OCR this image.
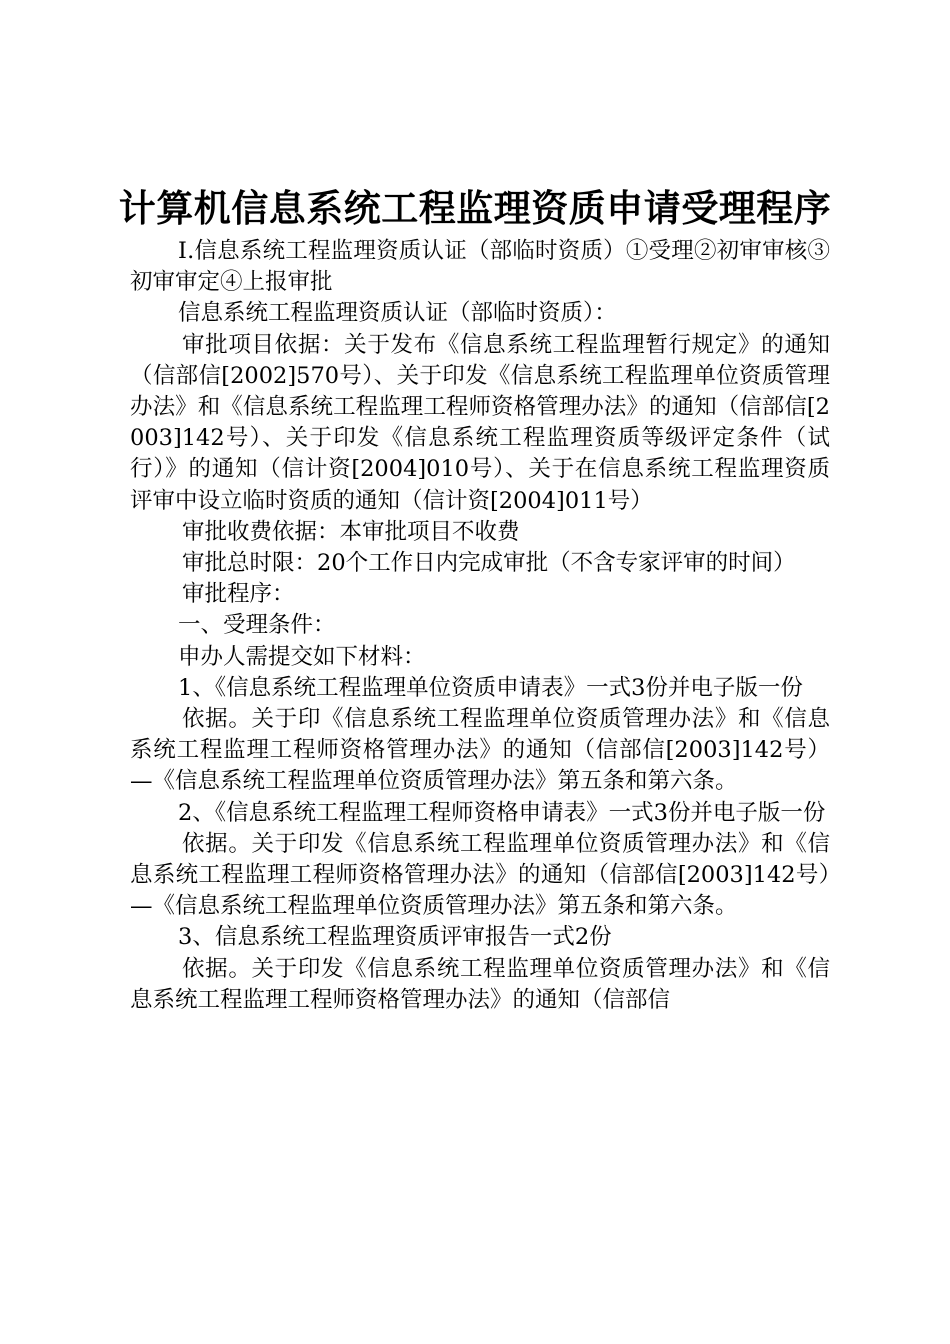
计算机信息系统工程监理资质申请受理程序

Ⅰ.信息系统工程监理资质认证（部临时资质）①受理②初审审核③初审审定④上报审批

信息系统工程监理资质认证（部临时资质）：

审批项目依据：关于发布《信息系统工程监理暂行规定》的通知（信部信[2002]570号）、关于印发《信息系统工程监理单位资质管理办法》和《信息系统工程监理工程师资格管理办法》的通知（信部信[2003]142号）、关于印发《信息系统工程监理资质等级评定条件（试行）》的通知（信计资[2004]010号）、关于在信息系统工程监理资质评审中设立临时资质的通知（信计资[2004]011号）

审批收费依据：本审批项目不收费

审批总时限：20个工作日内完成审批（不含专家评审的时间）

审批程序：

一、受理条件：

申办人需提交如下材料：

1、《信息系统工程监理单位资质申请表》一式3份并电子版一份

依据。关于印《信息系统工程监理单位资质管理办法》和《信息系统工程监理工程师资格管理办法》的通知（信部信[2003]142号）—《信息系统工程监理单位资质管理办法》第五条和第六条。

2、《信息系统工程监理工程师资格申请表》一式3份并电子版一份

依据。关于印发《信息系统工程监理单位资质管理办法》和《信息系统工程监理工程师资格管理办法》的通知（信部信[2003]142号）—《信息系统工程监理单位资质管理办法》第五条和第六条。

3、信息系统工程监理资质评审报告一式2份

依据。关于印发《信息系统工程监理单位资质管理办法》和《信息系统工程监理工程师资格管理办法》的通知（信部信
